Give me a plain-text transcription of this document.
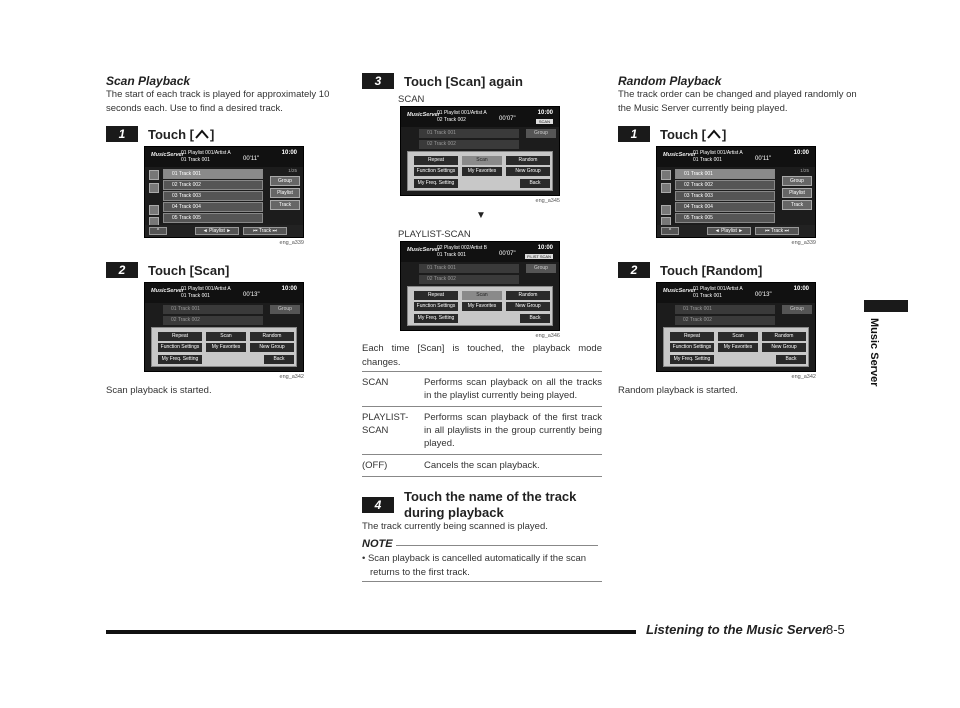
Scan Playback
The start of each track is played for approximately 10 seconds each. Use to find a desired track.
1	Touch [ ]
MusicServer
01 Playlist 001/Artist A
01 Track 001	00'11"
10:00
01 Track 001
02 Track 002
03 Track 003
04 Track 004
05 Track 005
1/25
Group
Playlist
Track
^	◄ Playlist ►	⏮ Track ⏭
eng_a339
2	Touch [Scan]
MusicServer
01 Playlist 001/Artist A
01 Track 001	00'13"
10:00
01 Track 001
02 Track 002
Group
Repeat	Scan	Random
Function Settings	My Favorites	New Group
My Freq. Setting	Back
eng_a342
Scan playback is started.
3	Touch [Scan] again
SCAN
MusicServer
01 Playlist 001/Artist A
02 Track 002	00'07"
10:00
SCAN
01 Track 001
02 Track 002
Group
Repeat	Scan	Random
Function Settings	My Favorites	New Group
My Freq. Setting	Back
eng_a345
▼
PLAYLIST-SCAN
MusicServer
02 Playlist 002/Artist B
01 Track 001	00'07"
10:00
P.LIST SCAN
01 Track 001
02 Track 002
Group
Repeat	Scan	Random
Function Settings	My Favorites	New Group
My Freq. Setting	Back
eng_a346
Each time [Scan] is touched, the playback mode changes.
SCAN	Performs scan playback on all the tracks in the playlist currently being played.
PLAYLIST-SCAN	Performs scan playback of the first track in all playlists in the group currently being played.
(OFF)	Cancels the scan playback.
4
Touch the name of the track during playback
The track currently being scanned is played.
NOTE
• Scan playback is cancelled automatically if the scan returns to the first track.
Random Playback
The track order can be changed and played randomly on the Music Server currently being played.
1	Touch [ ]
MusicServer
01 Playlist 001/Artist A
01 Track 001	00'11"
10:00
01 Track 001
02 Track 002
03 Track 003
04 Track 004
05 Track 005
1/25
Group
Playlist
Track
^	◄ Playlist ►	⏮ Track ⏭
eng_a339
2	Touch [Random]
MusicServer
01 Playlist 001/Artist A
01 Track 001	00'13"
10:00
01 Track 001
02 Track 002
Group
Repeat	Scan	Random
Function Settings	My Favorites	New Group
My Freq. Setting	Back
eng_a342
Random playback is started.
Music Server
Listening to the Music Server
8-5
